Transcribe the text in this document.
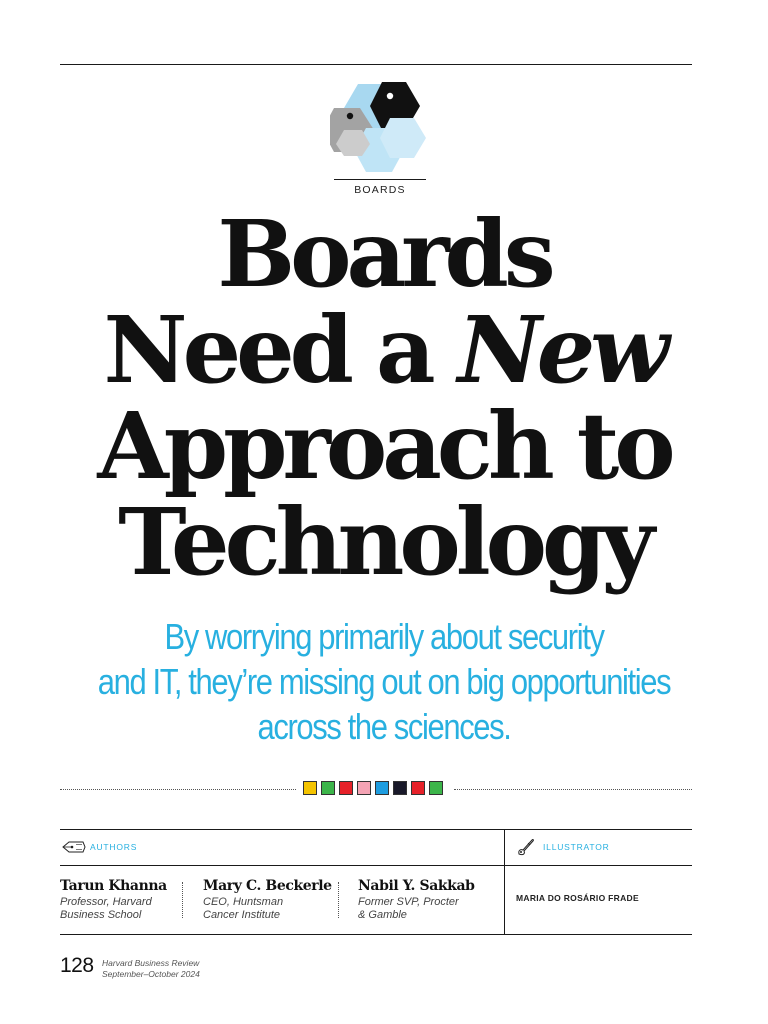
BOARDS
Boards
Need a New
Approach to
Technology

By worrying primarily about security
and IT, they’re missing out on big opportunities
across the sciences.

AUTHORS	ILLUSTRATOR
Tarun Khanna
Professor, Harvard Business School
Mary C. Beckerle
CEO, Huntsman Cancer Institute
Nabil Y. Sakkab
Former SVP, Procter & Gamble
MARIA DO ROSÁRIO FRADE
128 Harvard Business Review
September–October 2024
